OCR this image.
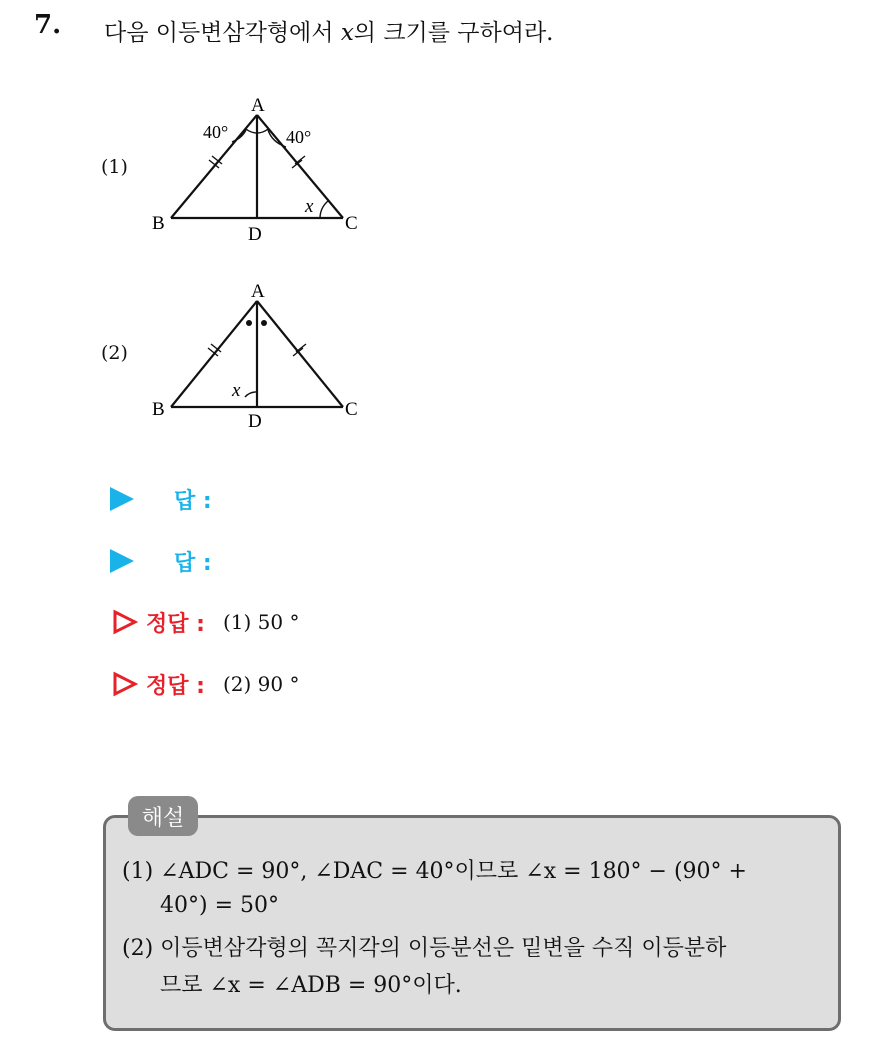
7. 다음 이등변삼각형에서 x의 크기를 구하여라.
(1)
A
B	C
D
40°	40°
x
(2)
A
B	C
D
x
답 :
답 :
정답 : (1) 50 °
정답 : (2) 90 °
해설
(1) ∠ADC = 90°, ∠DAC = 40°이므로 ∠x = 180° − (90° +
40°) = 50°
(2) 이등변삼각형의 꼭지각의 이등분선은 밑변을 수직 이등분하
므로 ∠x = ∠ADB = 90°이다.
